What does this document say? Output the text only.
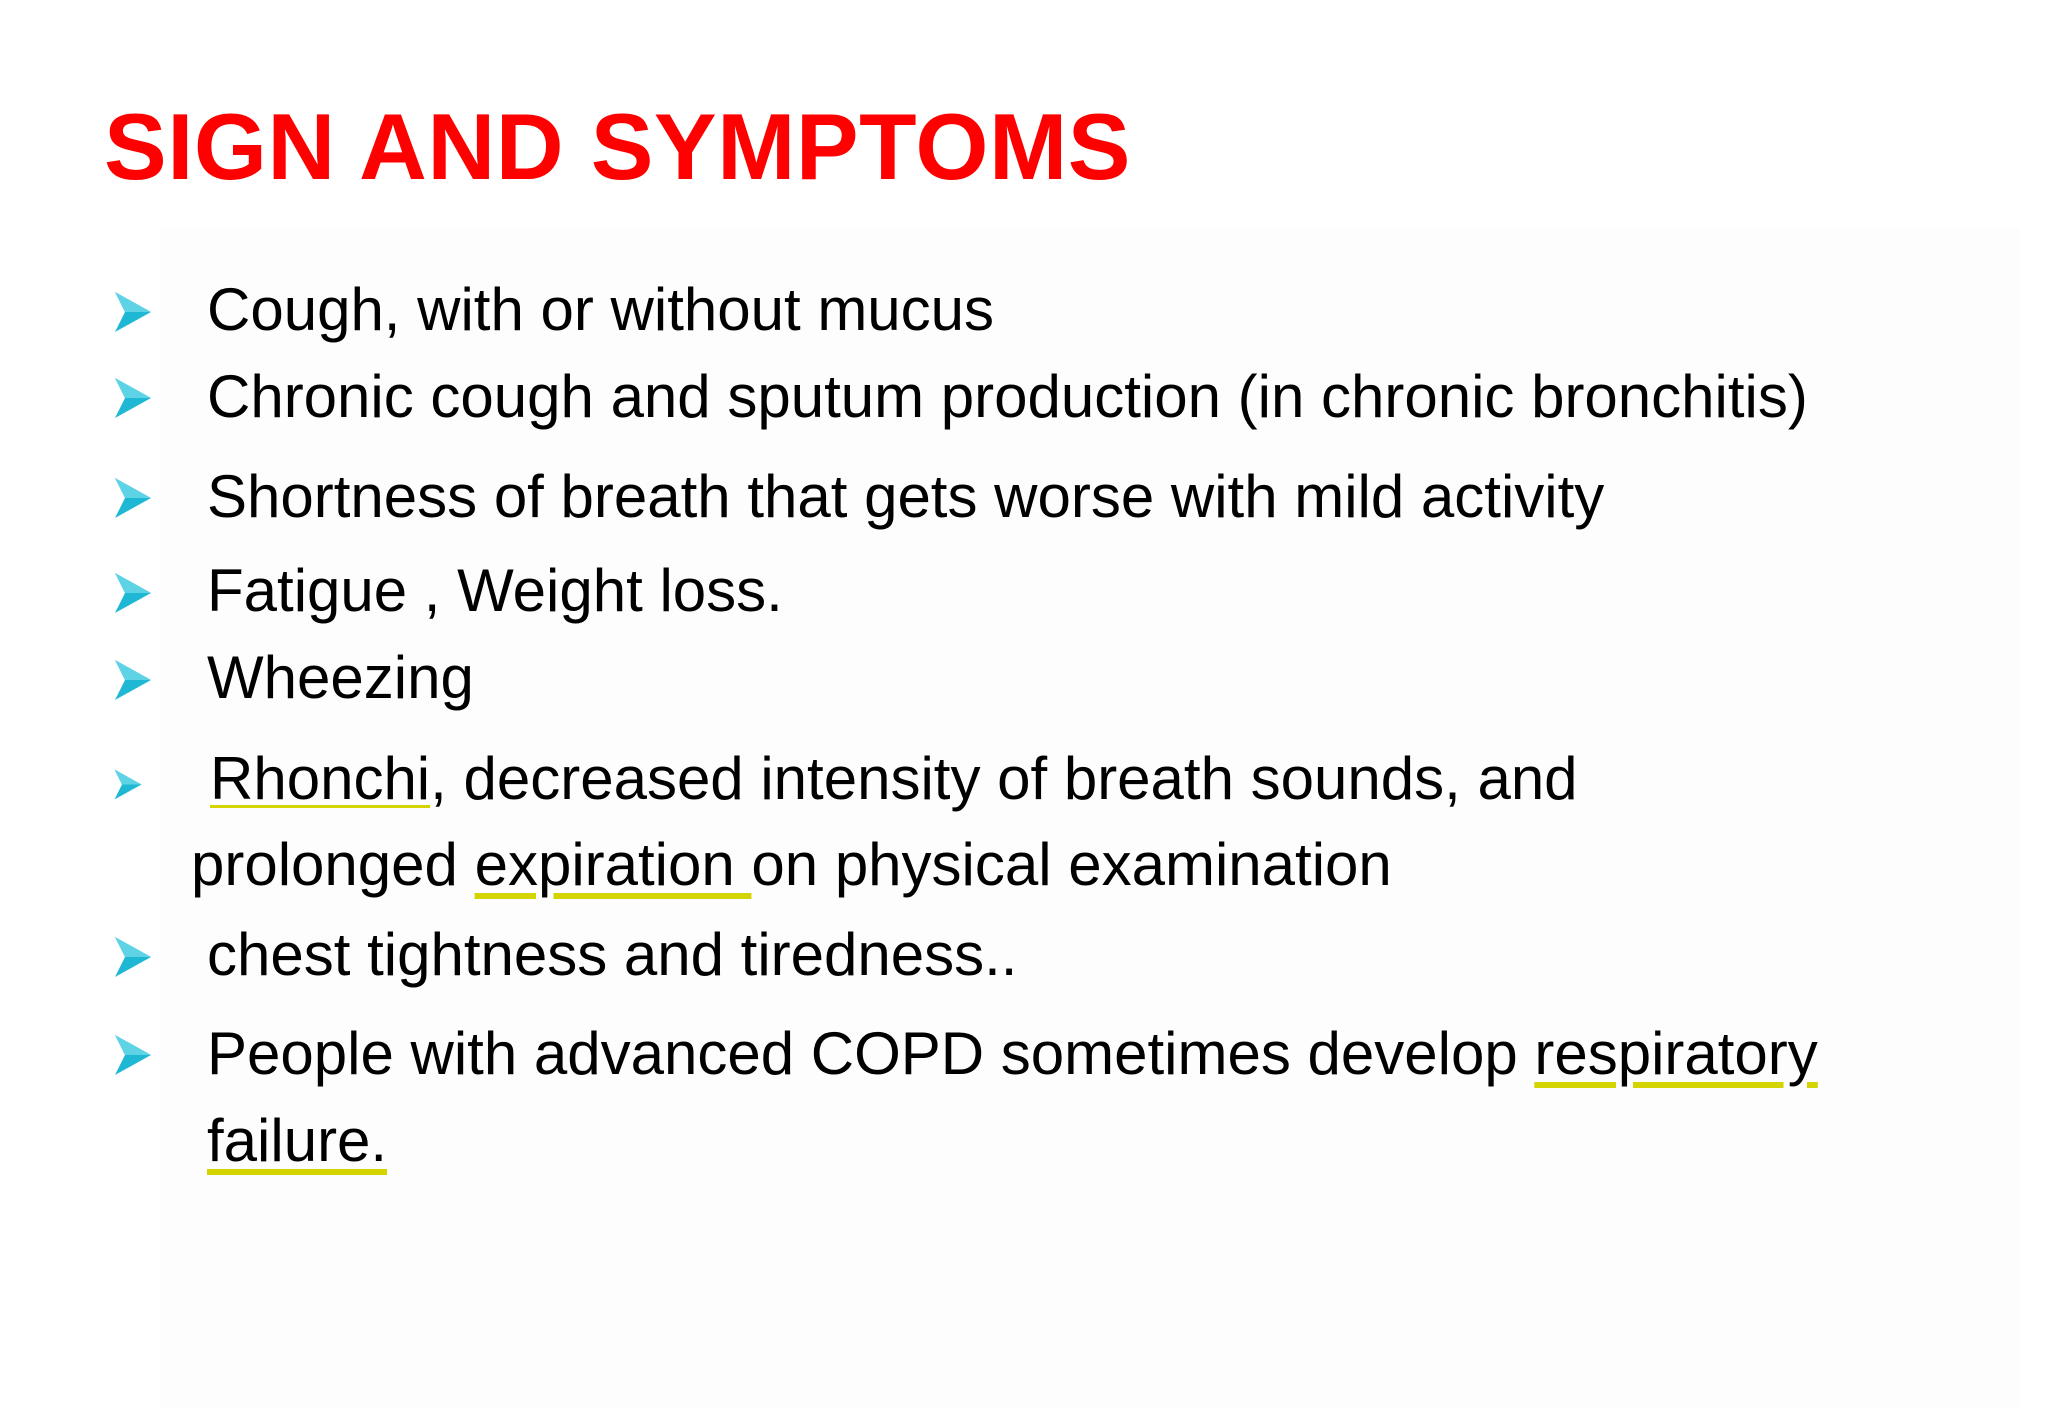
SIGN AND SYMPTOMS
Cough, with or without mucus
Chronic cough and sputum production (in chronic bronchitis)
Shortness of breath that gets worse with mild activity
Fatigue , Weight loss.
Wheezing
Rhonchi, decreased intensity of breath sounds, and
prolonged expiration on physical examination
chest tightness and tiredness..
People with advanced COPD sometimes develop respiratory
failure.
